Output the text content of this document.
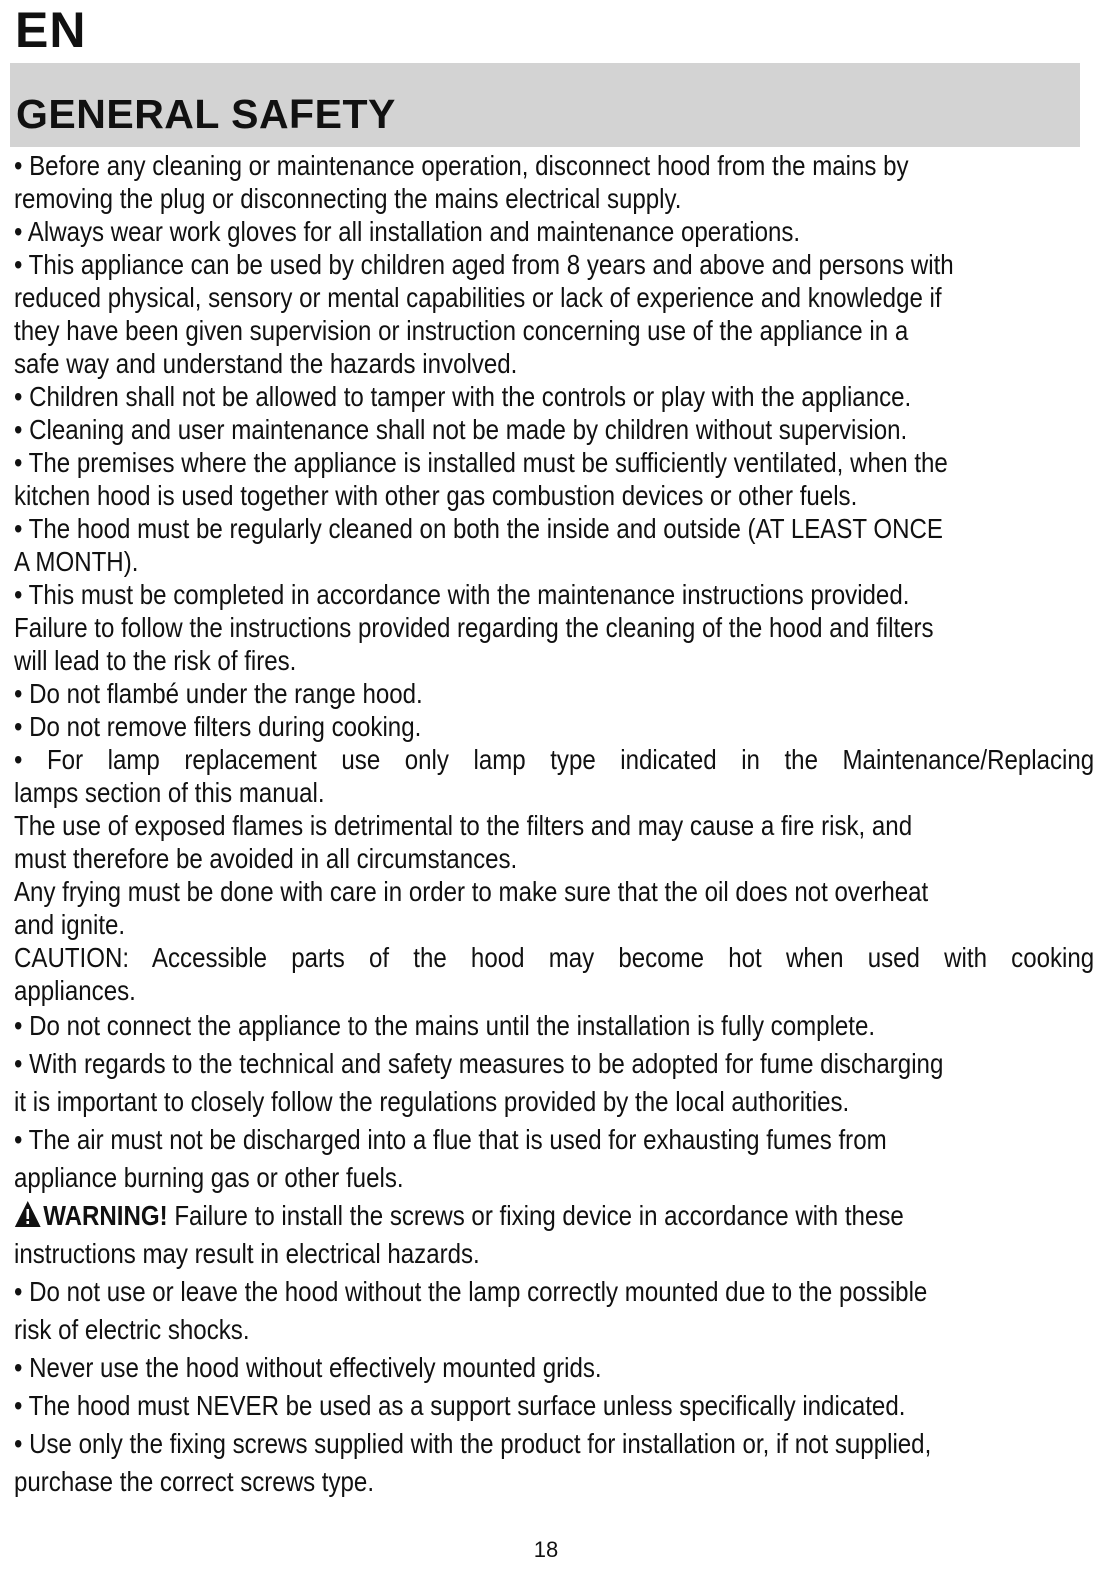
EN
GENERAL SAFETY
• Before any cleaning or maintenance operation, disconnect hood from the mains by
removing the plug or disconnecting the mains electrical supply.
• Always wear work gloves for all installation and maintenance operations.
• This appliance can be used by children aged from 8 years and above and persons with
reduced physical, sensory or mental capabilities or lack of experience and knowledge if
they have been given supervision or instruction concerning use of the appliance in a
safe way and understand the hazards involved.
• Children shall not be allowed to tamper with the controls or play with the appliance.
• Cleaning and user maintenance shall not be made by children without supervision.
• The premises where the appliance is installed must be sufficiently ventilated, when the
kitchen hood is used together with other gas combustion devices or other fuels.
• The hood must be regularly cleaned on both the inside and outside (AT LEAST ONCE
A MONTH).
• This must be completed in accordance with the maintenance instructions provided.
Failure to follow the instructions provided regarding the cleaning of the hood and filters
will lead to the risk of fires.
• Do not flambé under the range hood.
• Do not remove filters during cooking.
• For lamp replacement use only lamp type indicated in the Maintenance/Replacing
lamps section of this manual.
The use of exposed flames is detrimental to the filters and may cause a fire risk, and
must therefore be avoided in all circumstances.
Any frying must be done with care in order to make sure that the oil does not overheat
and ignite.
CAUTION: Accessible parts of the hood may become hot when used with cooking
appliances.
• Do not connect the appliance to the mains until the installation is fully complete.
• With regards to the technical and safety measures to be adopted for fume discharging
it is important to closely follow the regulations provided by the local authorities.
• The air must not be discharged into a flue that is used for exhausting fumes from
appliance burning gas or other fuels.
WARNING! Failure to install the screws or fixing device in accordance with these
instructions may result in electrical hazards.
• Do not use or leave the hood without the lamp correctly mounted due to the possible
risk of electric shocks.
• Never use the hood without effectively mounted grids.
• The hood must NEVER be used as a support surface unless specifically indicated.
• Use only the fixing screws supplied with the product for installation or, if not supplied,
purchase the correct screws type.
18
